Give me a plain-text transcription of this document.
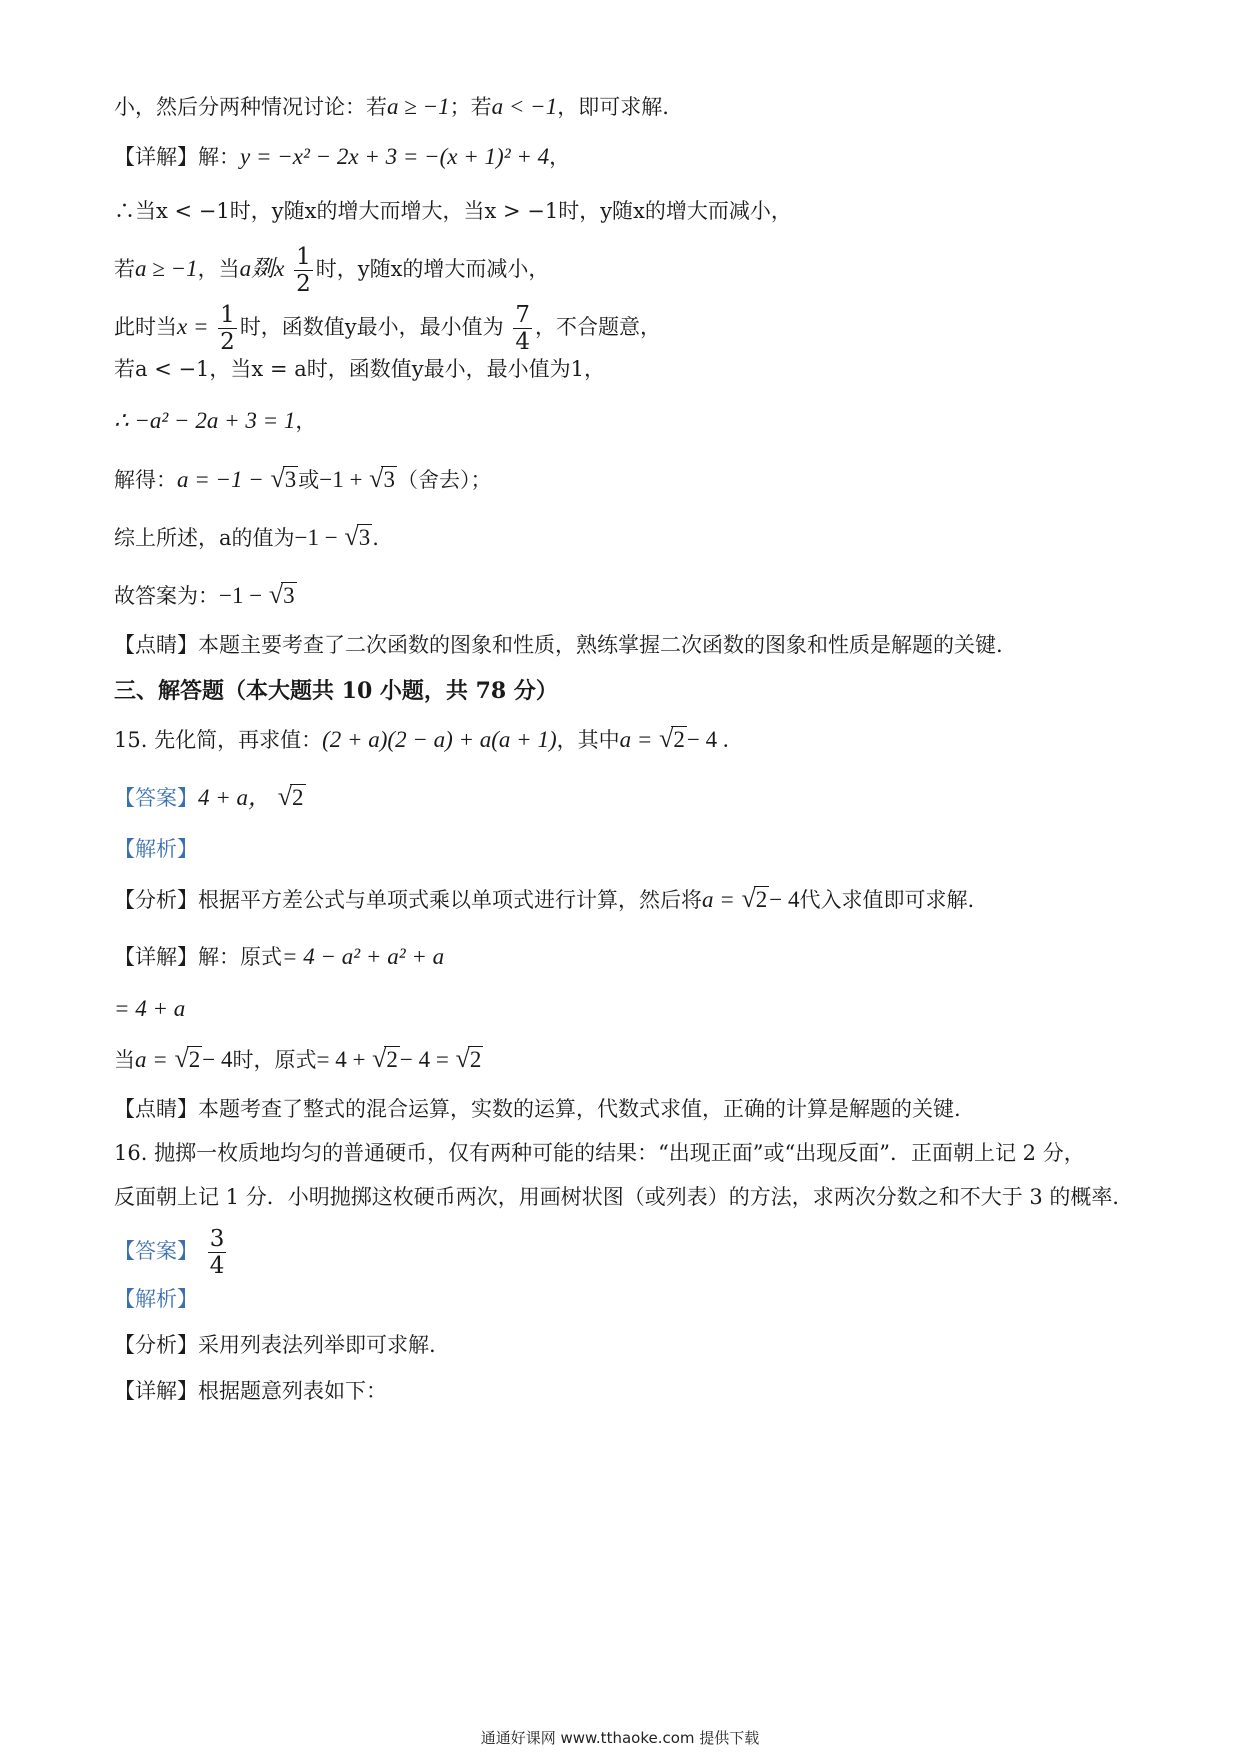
小，然后分两种情况讨论：若a ≥ −1；若a < −1，即可求解.
【详解】解：y = −x² − 2x + 3 = −(x + 1)² + 4，
∴当x < −1时，y随x的增大而增大，当x > −1时，y随x的增大而减小，
若a ≥ −1，当a剟x $\frac{1}{2}$ 时，y随x的增大而减小，
此时当$x = \frac{1}{2}$ 时，函数值y最小，最小值为 $\frac{7}{4}$ ，不合题意，
若a < −1，当x = a时，函数值y最小，最小值为1，
∴ −a² − 2a + 3 = 1，
解得：a = −1 − √3或−1 + √3（舍去）；
综上所述，a的值为−1 − √3.
故答案为：−1 − √3
【点睛】本题主要考查了二次函数的图象和性质，熟练掌握二次函数的图象和性质是解题的关键.
三、解答题（本大题共 10 小题，共 78 分）
15. 先化简，再求值：(2 + a)(2 − a) + a(a + 1)，其中a = √2− 4 .
【答案】4 + a， √2
【解析】
【分析】根据平方差公式与单项式乘以单项式进行计算，然后将a = √2− 4代入求值即可求解.
【详解】解：原式= 4 − a² + a² + a
= 4 + a
当a = √2− 4时，原式= 4 + √2− 4 = √2
【点睛】本题考查了整式的混合运算，实数的运算，代数式求值，正确的计算是解题的关键.
16. 抛掷一枚质地均匀的普通硬币，仅有两种可能的结果：“出现正面”或“出现反面”．正面朝上记 2 分，
反面朝上记 1 分．小明抛掷这枚硬币两次，用画树状图（或列表）的方法，求两次分数之和不大于 3 的概率．
【答案】 $\frac{3}{4}$
【解析】
【分析】采用列表法列举即可求解.
【详解】根据题意列表如下：
通通好课网 www.tthaoke.com 提供下载
